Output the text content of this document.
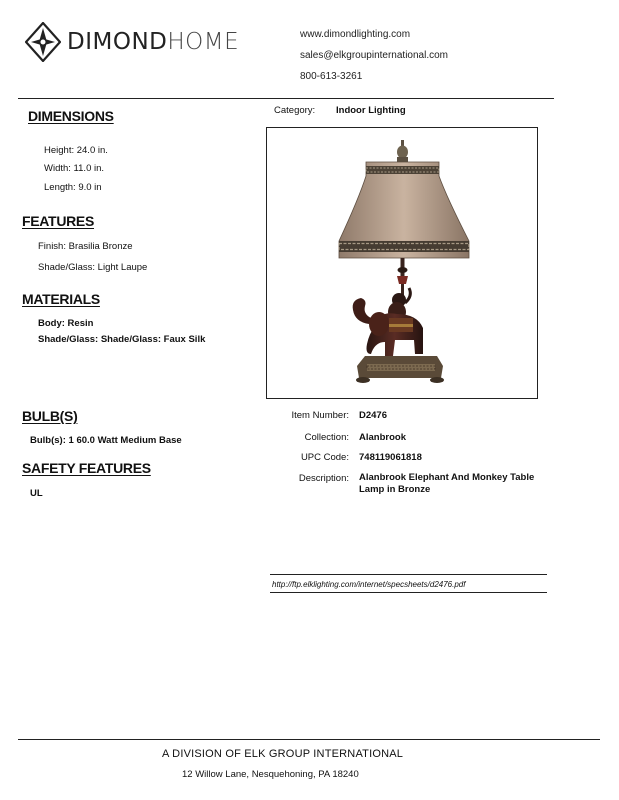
DIMONDHOME	www.dimondlighting.com
sales@elkgroupinternational.com
800-613-3261
DIMENSIONS
Height: 24.0 in.
Width: 11.0 in.
Length: 9.0 in
FEATURES
Finish: Brasilia Bronze
Shade/Glass: Light Laupe
MATERIALS
Body: Resin
Shade/Glass: Shade/Glass: Faux Silk
BULB(S)
Bulb(s): 1 60.0 Watt Medium Base
SAFETY FEATURES
UL
Category: Indoor Lighting
Item Number: D2476
Collection: Alanbrook
UPC Code: 748119061818
Description: Alanbrook Elephant And Monkey Table Lamp in Bronze
http://ftp.elklighting.com/internet/specsheets/d2476.pdf
A DIVISION OF ELK GROUP INTERNATIONAL
12 Willow Lane, Nesquehoning, PA 18240
